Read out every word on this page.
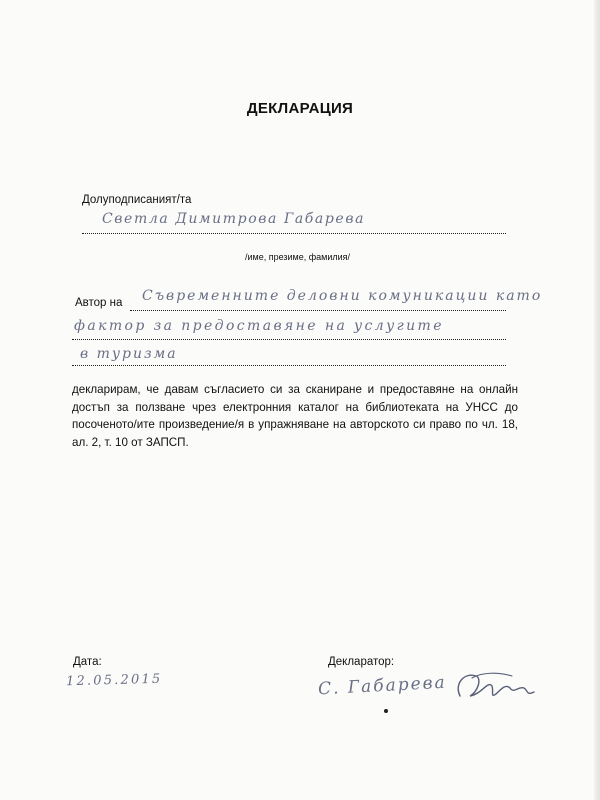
ДЕКЛАРАЦИЯ
Долуподписаният/та
Светла Димитрова Габарева
/име, презиме, фамилия/
Автор на Съвременните деловни комуникации като
фактор за предоставяне на услугите
в туризма
декларирам, че давам съгласието си за сканиране и предоставяне на онлайн достъп за ползване чрез електронния каталог на библиотеката на УНСС до посоченото/ите произведение/я в упражняване на авторското си право по чл. 18, ал. 2, т. 10 от ЗАПСП.
Дата:
12.05.2015
Декларатор:
С. Габарева
